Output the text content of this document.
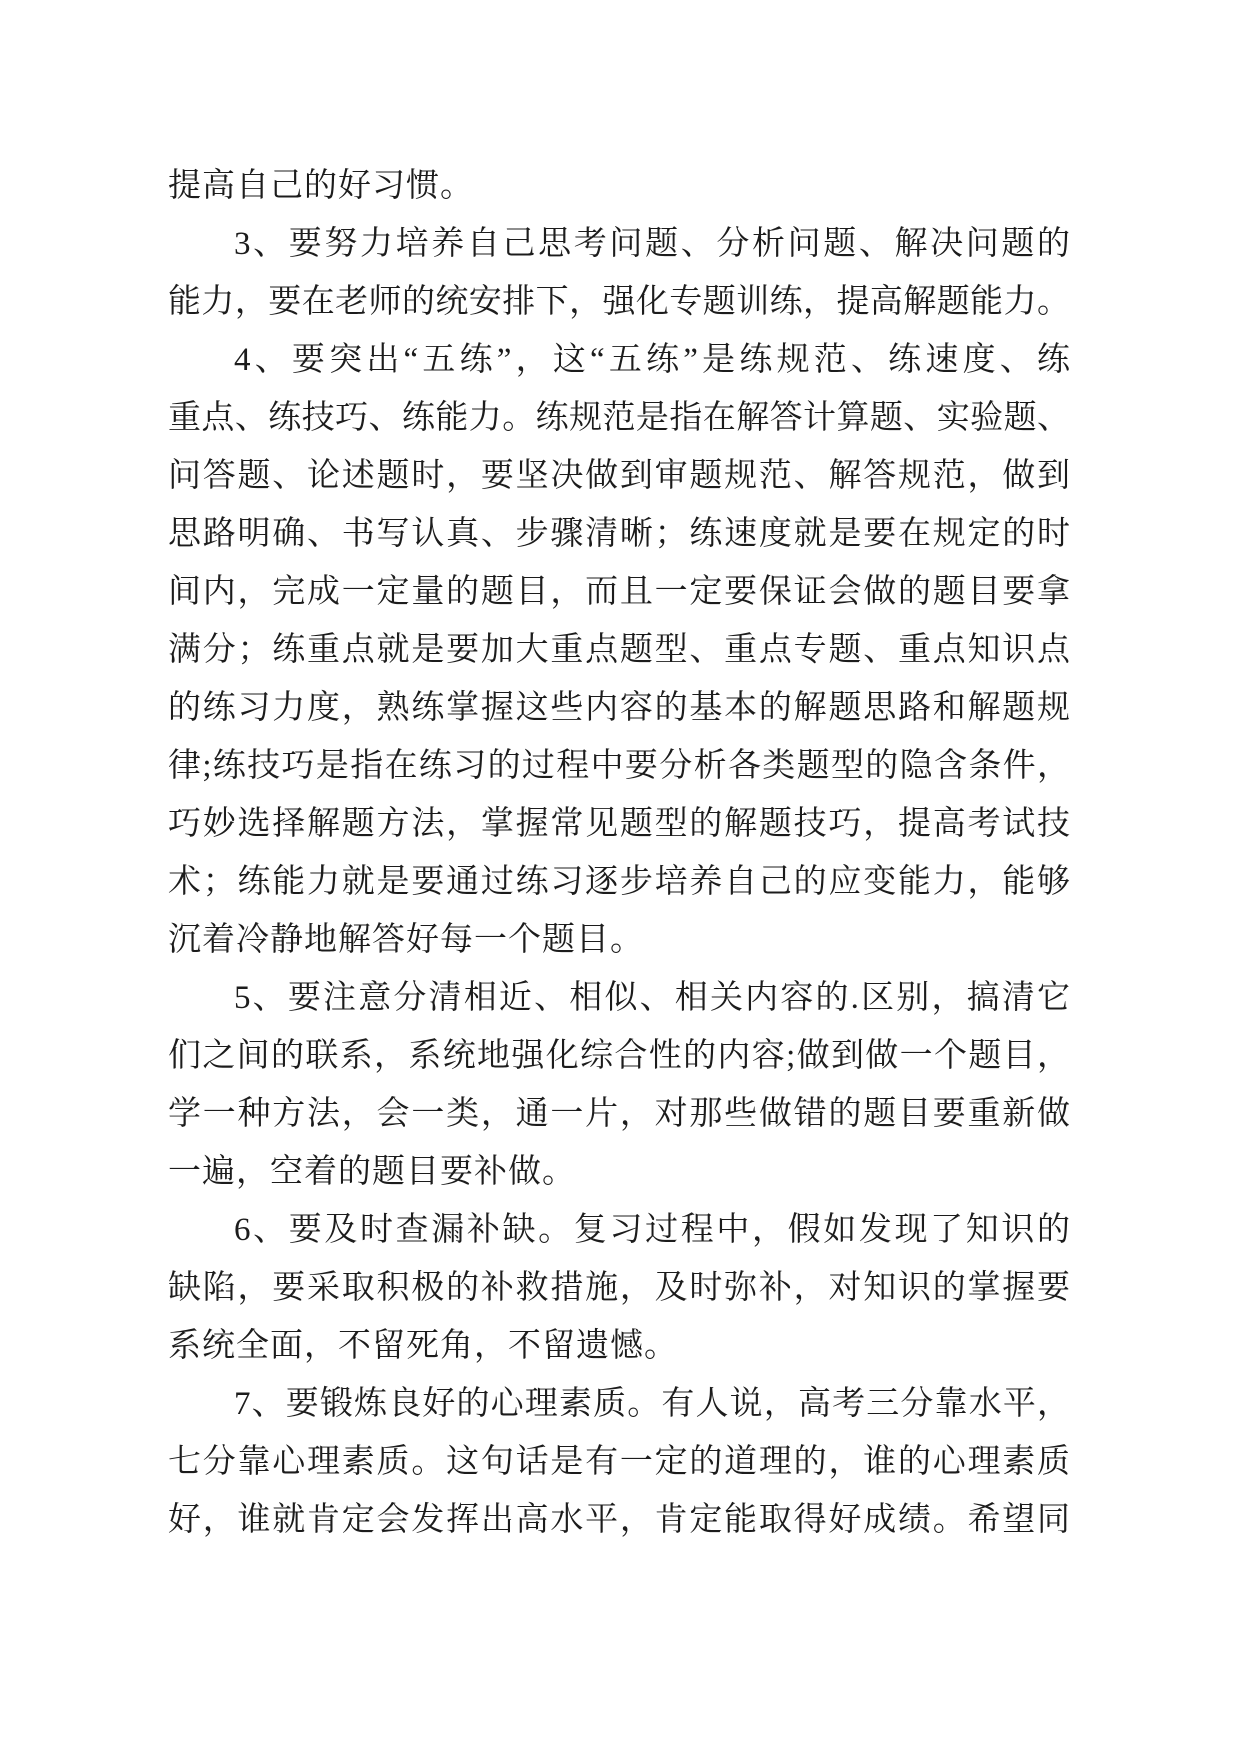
提高自己的好习惯。
3、要努力培养自己思考问题、分析问题、解决问题的
能力，要在老师的统安排下，强化专题训练，提高解题能力。
4、要突出“五练”，这“五练”是练规范、练速度、练
重点、练技巧、练能力。练规范是指在解答计算题、实验题、
问答题、论述题时，要坚决做到审题规范、解答规范，做到
思路明确、书写认真、步骤清晰；练速度就是要在规定的时
间内，完成一定量的题目，而且一定要保证会做的题目要拿
满分；练重点就是要加大重点题型、重点专题、重点知识点
的练习力度，熟练掌握这些内容的基本的解题思路和解题规
律;练技巧是指在练习的过程中要分析各类题型的隐含条件，
巧妙选择解题方法，掌握常见题型的解题技巧，提高考试技
术；练能力就是要通过练习逐步培养自己的应变能力，能够
沉着冷静地解答好每一个题目。
5、要注意分清相近、相似、相关内容的.区别，搞清它
们之间的联系，系统地强化综合性的内容;做到做一个题目，
学一种方法，会一类，通一片，对那些做错的题目要重新做
一遍，空着的题目要补做。
6、要及时查漏补缺。复习过程中，假如发现了知识的
缺陷，要采取积极的补救措施，及时弥补，对知识的掌握要
系统全面，不留死角，不留遗憾。
7、要锻炼良好的心理素质。有人说，高考三分靠水平，
七分靠心理素质。这句话是有一定的道理的，谁的心理素质
好，谁就肯定会发挥出高水平，肯定能取得好成绩。希望同
